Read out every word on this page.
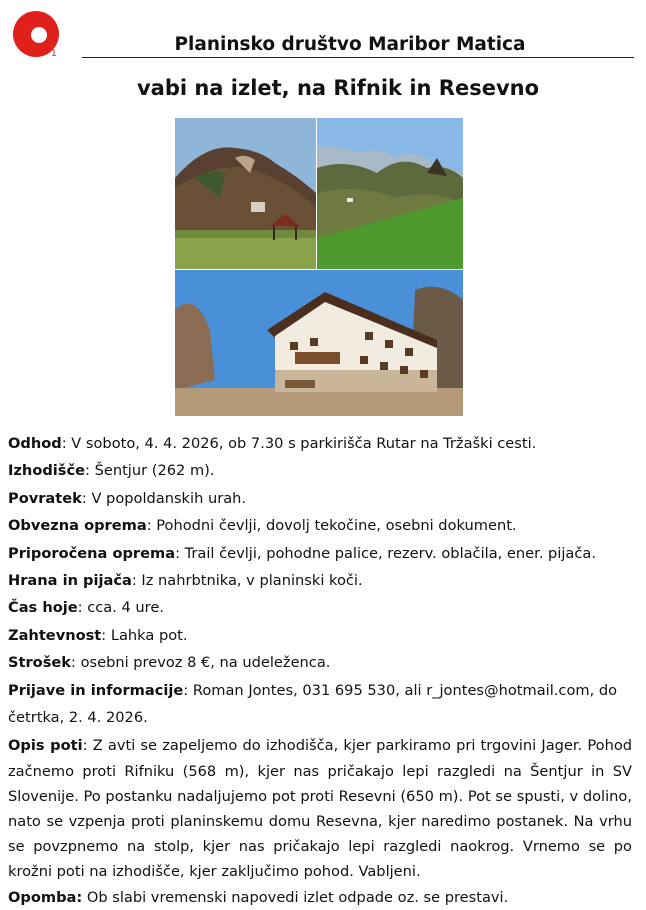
1	Planinsko društvo Maribor Matica
vabi na izlet, na Rifnik in Resevno

Odhod: V soboto, 4. 4. 2026, ob 7.30 s parkirišča Rutar na Tržaški cesti.

Izhodišče: Šentjur (262 m).

Povratek: V popoldanskih urah.

Obvezna oprema: Pohodni čevlji, dovolj tekočine, osebni dokument.

Priporočena oprema: Trail čevlji, pohodne palice, rezerv. oblačila, ener. pijača.

Hrana in pijača: Iz nahrbtnika, v planinski koči.

Čas hoje: cca. 4 ure.

Zahtevnost: Lahka pot.

Strošek: osebni prevoz 8 €, na udeleženca.

Prijave in informacije: Roman Jontes, 031 695 530, ali r_jontes@hotmail.com, do četrtka, 2. 4. 2026.

Opis poti: Z avti se zapeljemo do izhodišča, kjer parkiramo pri trgovini Jager. Pohod začnemo proti Rifniku (568 m), kjer nas pričakajo lepi razgledi na Šentjur in SV Slovenije. Po postanku nadaljujemo pot proti Resevni (650 m). Pot se spusti, v dolino, nato se vzpenja proti planinskemu domu Resevna, kjer naredimo postanek. Na vrhu se povzpnemo na stolp, kjer nas pričakajo lepi razgledi naokrog. Vrnemo se po krožni poti na izhodišče, kjer zaključimo pohod. Vabljeni.

Opomba: Ob slabi vremenski napovedi izlet odpade oz. se prestavi.
